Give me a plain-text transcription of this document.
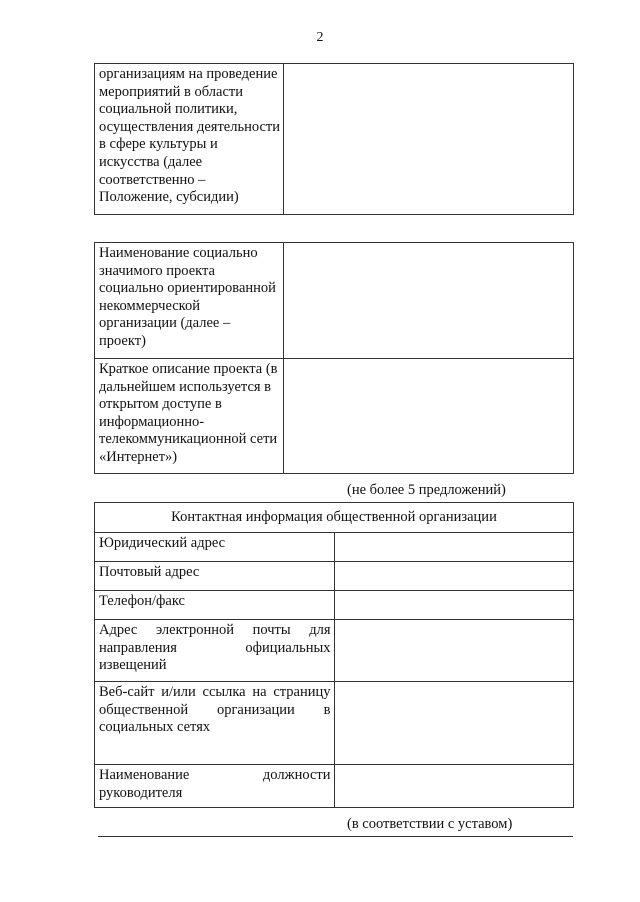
2
организациям на проведение мероприятий в области социальной политики, осуществления деятельности в сфере культуры и искусства (далее соответственно – Положение, субсидии)	
Наименование социально значимого проекта социально ориентированной некоммерческой организации (далее – проект)	
Краткое описание проекта (в дальнейшем используется в открытом доступе в информационно-телекоммуникационной сети «Интернет»)	
(не более 5 предложений)
Контактная информация общественной организации	
Юридический адрес	
Почтовый адрес	
Телефон/факс	
Адрес электронной почты для направления официальных извещений	
Веб-сайт и/или ссылка на страницу общественной организации в социальных сетях	
Наименование должности руководителя	
(в соответствии с уставом)
